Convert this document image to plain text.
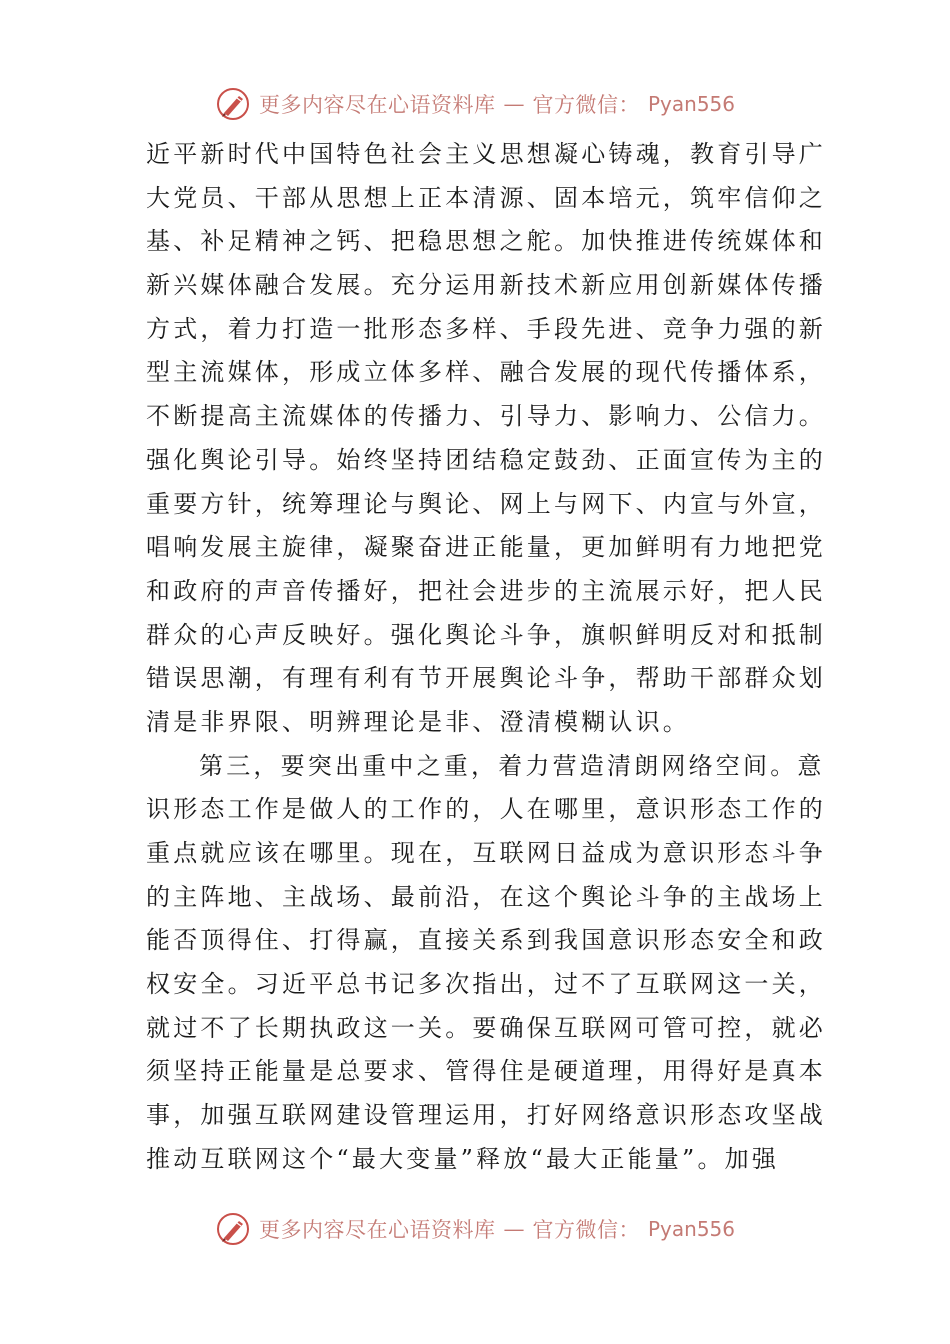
更多内容尽在心语资料库 — 官方微信： Pyan556
近平新时代中国特色社会主义思想凝心铸魂，教育引导广
大党员、干部从思想上正本清源、固本培元，筑牢信仰之
基、补足精神之钙、把稳思想之舵。加快推进传统媒体和
新兴媒体融合发展。充分运用新技术新应用创新媒体传播
方式，着力打造一批形态多样、手段先进、竞争力强的新
型主流媒体，形成立体多样、融合发展的现代传播体系，
不断提高主流媒体的传播力、引导力、影响力、公信力。
强化舆论引导。始终坚持团结稳定鼓劲、正面宣传为主的
重要方针，统筹理论与舆论、网上与网下、内宣与外宣，
唱响发展主旋律，凝聚奋进正能量，更加鲜明有力地把党
和政府的声音传播好，把社会进步的主流展示好，把人民
群众的心声反映好。强化舆论斗争，旗帜鲜明反对和抵制
错误思潮，有理有利有节开展舆论斗争，帮助干部群众划
清是非界限、明辨理论是非、澄清模糊认识。
第三，要突出重中之重，着力营造清朗网络空间。意
识形态工作是做人的工作的，人在哪里，意识形态工作的
重点就应该在哪里。现在，互联网日益成为意识形态斗争
的主阵地、主战场、最前沿，在这个舆论斗争的主战场上
能否顶得住、打得赢，直接关系到我国意识形态安全和政
权安全。习近平总书记多次指出，过不了互联网这一关，
就过不了长期执政这一关。要确保互联网可管可控，就必
须坚持正能量是总要求、管得住是硬道理，用得好是真本
事，加强互联网建设管理运用，打好网络意识形态攻坚战
推动互联网这个“最大变量”释放“最大正能量”。加强
更多内容尽在心语资料库 — 官方微信： Pyan556
